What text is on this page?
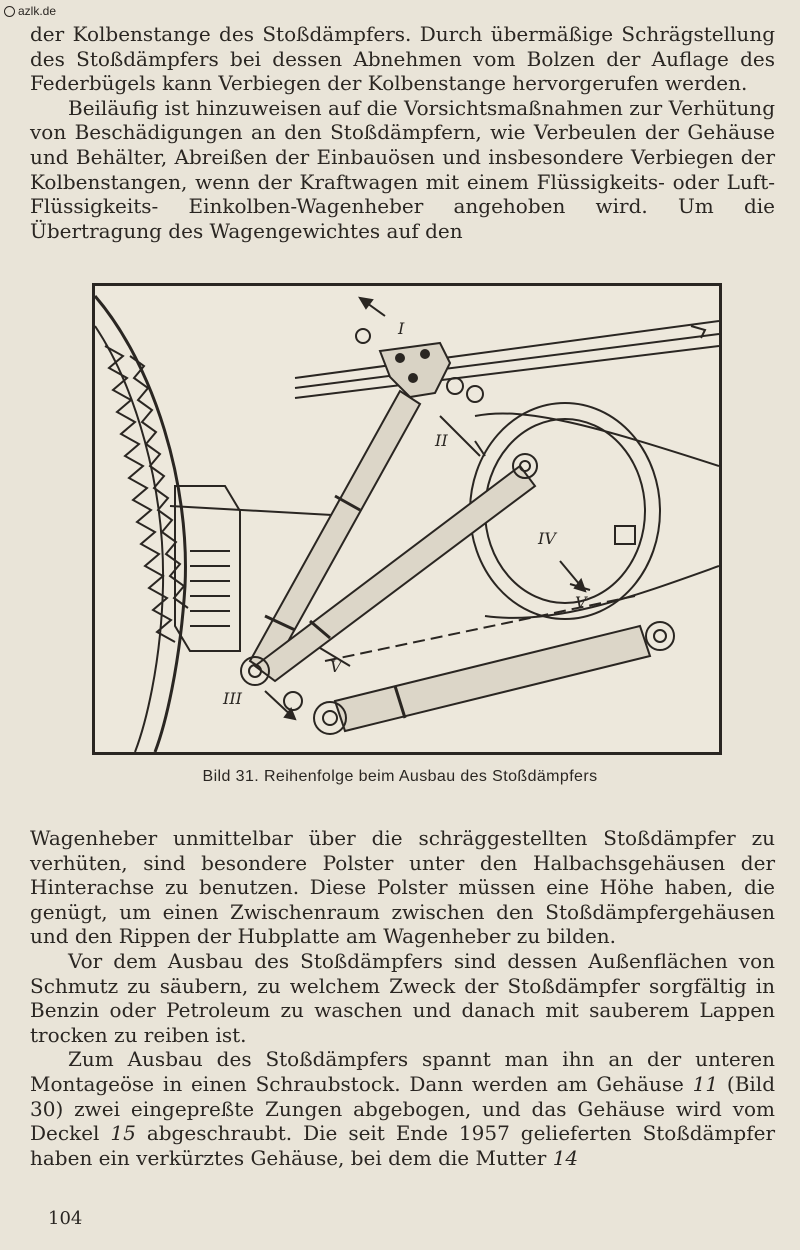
azlk.de

der Kolbenstange des Stoßdämpfers. Durch übermäßige Schrägstellung des Stoßdämpfers bei dessen Abnehmen vom Bolzen der Auflage des Federbügels kann Verbiegen der Kolbenstange hervorgerufen werden.

Beiläufig ist hinzuweisen auf die Vorsichtsmaßnahmen zur Verhütung von Beschädigungen an den Stoßdämpfern, wie Verbeulen der Gehäuse und Behälter, Abreißen der Einbauösen und insbesondere Verbiegen der Kolbenstangen, wenn der Kraftwagen mit einem Flüssigkeits- oder Luft-Flüssigkeits- Einkolben-Wagenheber angehoben wird. Um die Übertragung des Wagengewichtes auf den

I
II
III
IV
V
V
Bild 31. Reihenfolge beim Ausbau des Stoßdämpfers

Wagenheber unmittelbar über die schräggestellten Stoßdämpfer zu verhüten, sind besondere Polster unter den Halbachsgehäusen der Hinterachse zu benutzen. Diese Polster müssen eine Höhe haben, die genügt, um einen Zwischenraum zwischen den Stoßdämpfergehäusen und den Rippen der Hubplatte am Wagenheber zu bilden.

Vor dem Ausbau des Stoßdämpfers sind dessen Außenflächen von Schmutz zu säubern, zu welchem Zweck der Stoßdämpfer sorgfältig in Benzin oder Petroleum zu waschen und danach mit sauberem Lappen trocken zu reiben ist.

Zum Ausbau des Stoßdämpfers spannt man ihn an der unteren Montageöse in einen Schraubstock. Dann werden am Gehäuse 11 (Bild 30) zwei eingepreßte Zungen abgebogen, und das Gehäuse wird vom Deckel 15 abgeschraubt. Die seit Ende 1957 gelieferten Stoßdämpfer haben ein verkürztes Gehäuse, bei dem die Mutter 14

104
